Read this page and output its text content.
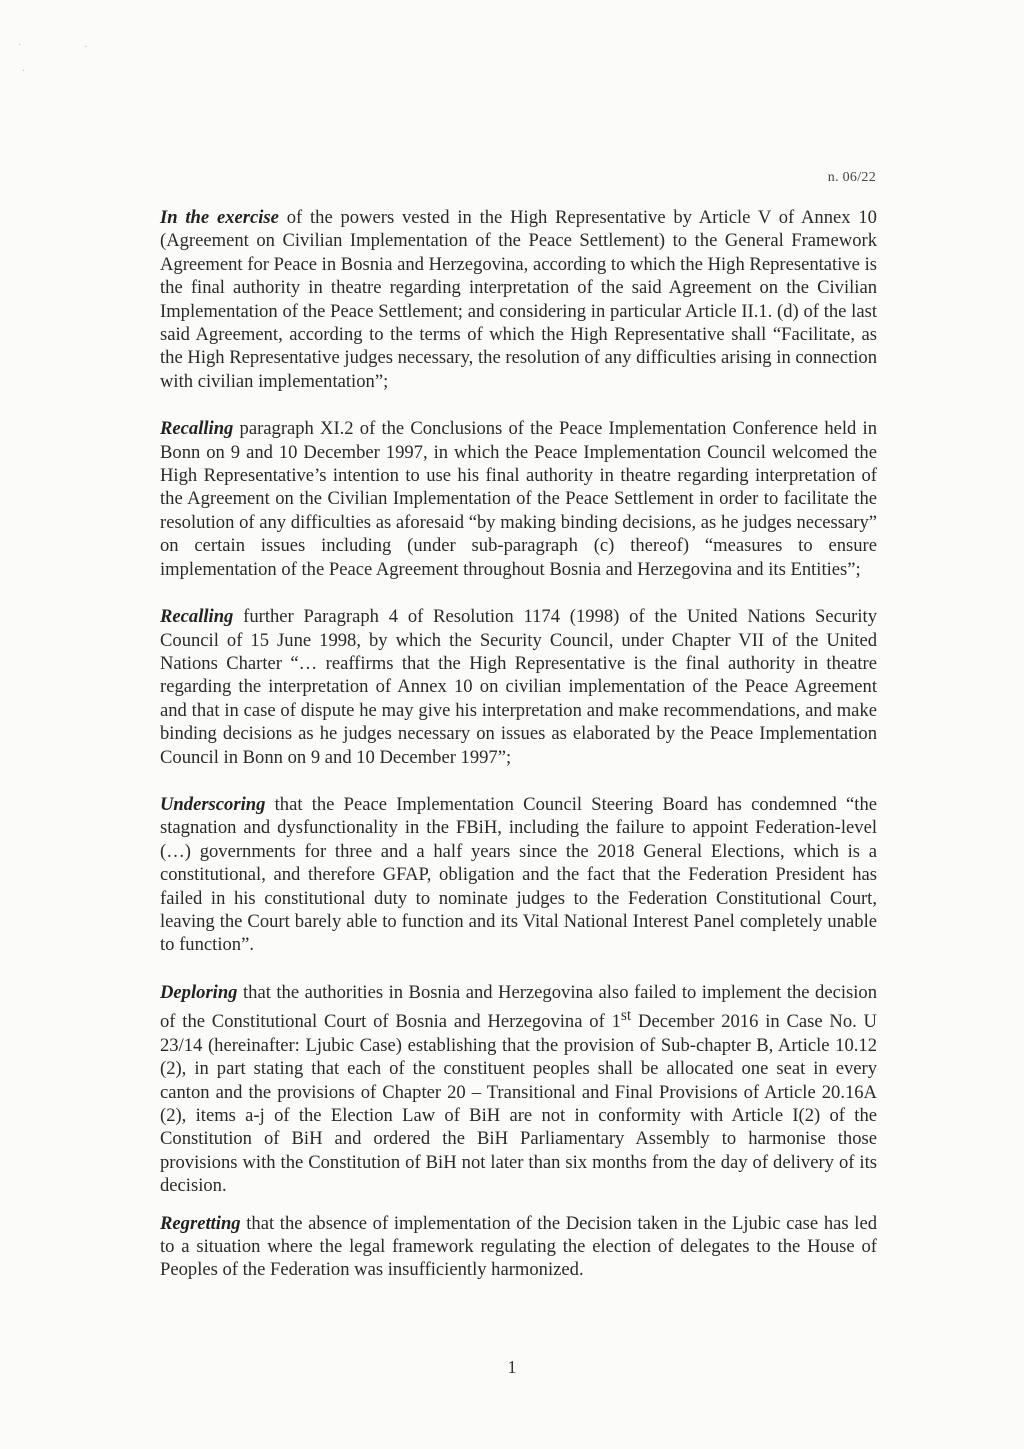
·	·
·
n. 06/22

In the exercise of the powers vested in the High Representative by Article V of Annex 10 (Agreement on Civilian Implementation of the Peace Settlement) to the General Framework Agreement for Peace in Bosnia and Herzegovina, according to which the High Representative is the final authority in theatre regarding interpretation of the said Agreement on the Civilian Implementation of the Peace Settlement; and considering in particular Article II.1. (d) of the last said Agreement, according to the terms of which the High Representative shall “Facilitate, as the High Representative judges necessary, the resolution of any difficulties arising in connection with civilian implementation”;

Recalling paragraph XI.2 of the Conclusions of the Peace Implementation Conference held in Bonn on 9 and 10 December 1997, in which the Peace Implementation Council welcomed the High Representative’s intention to use his final authority in theatre regarding interpretation of the Agreement on the Civilian Implementation of the Peace Settlement in order to facilitate the resolution of any difficulties as aforesaid “by making binding decisions, as he judges necessary” on certain issues including (under sub-paragraph (c) thereof) “measures to ensure implementation of the Peace Agreement throughout Bosnia and Herzegovina and its Entities”;

Recalling further Paragraph 4 of Resolution 1174 (1998) of the United Nations Security Council of 15 June 1998, by which the Security Council, under Chapter VII of the United Nations Charter “… reaffirms that the High Representative is the final authority in theatre regarding the interpretation of Annex 10 on civilian implementation of the Peace Agreement and that in case of dispute he may give his interpretation and make recommendations, and make binding decisions as he judges necessary on issues as elaborated by the Peace Implementation Council in Bonn on 9 and 10 December 1997”;

Underscoring that the Peace Implementation Council Steering Board has condemned “the stagnation and dysfunctionality in the FBiH, including the failure to appoint Federation-level (…) governments for three and a half years since the 2018 General Elections, which is a constitutional, and therefore GFAP, obligation and the fact that the Federation President has failed in his constitutional duty to nominate judges to the Federation Constitutional Court, leaving the Court barely able to function and its Vital National Interest Panel completely unable to function”.

Deploring that the authorities in Bosnia and Herzegovina also failed to implement the decision of the Constitutional Court of Bosnia and Herzegovina of 1st December 2016 in Case No. U 23/14 (hereinafter: Ljubic Case) establishing that the provision of Sub-chapter B, Article 10.12 (2), in part stating that each of the constituent peoples shall be allocated one seat in every canton and the provisions of Chapter 20 – Transitional and Final Provisions of Article 20.16A (2), items a-j of the Election Law of BiH are not in conformity with Article I(2) of the Constitution of BiH and ordered the BiH Parliamentary Assembly to harmonise those provisions with the Constitution of BiH not later than six months from the day of delivery of its decision.

Regretting that the absence of implementation of the Decision taken in the Ljubic case has led to a situation where the legal framework regulating the election of delegates to the House of Peoples of the Federation was insufficiently harmonized.

1
